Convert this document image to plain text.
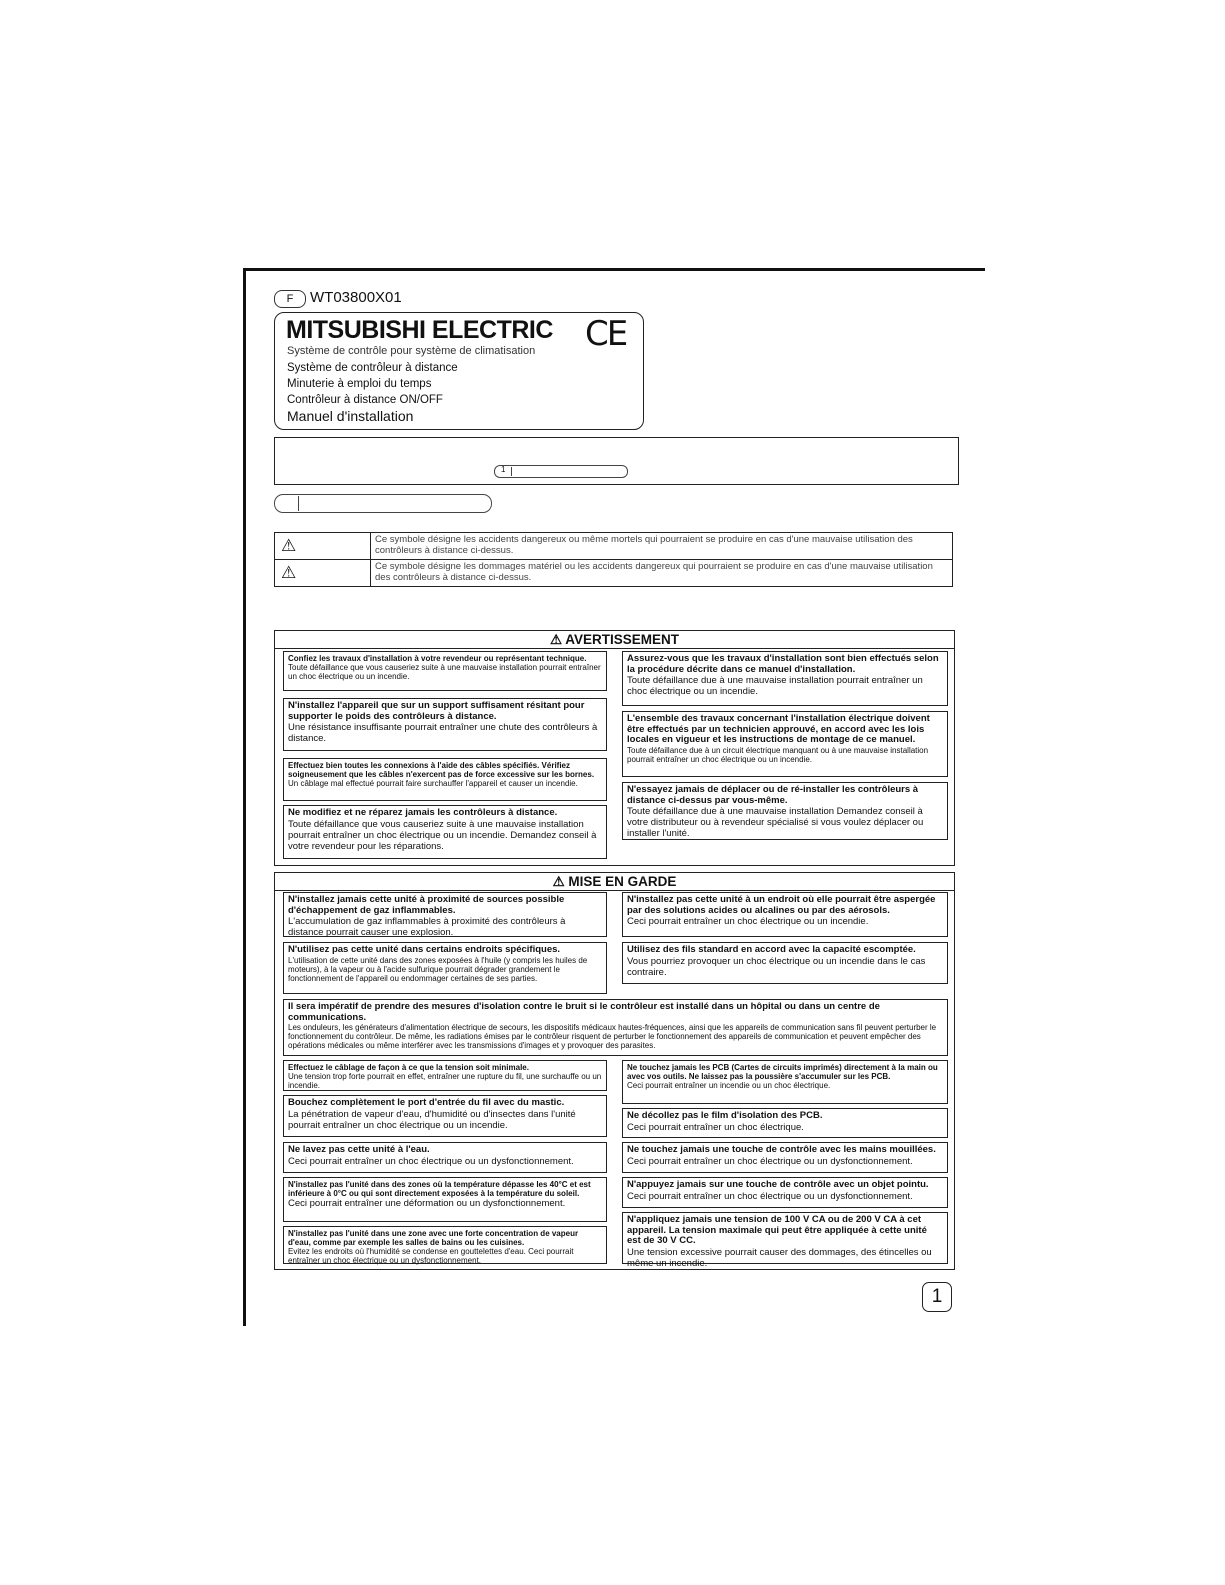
F	WT03800X01
MITSUBISHI ELECTRIC CE
Système de contrôle pour système de climatisation
Système de contrôleur à distance
Minuterie à emploi du temps
Contrôleur à distance ON/OFF
Manuel d'installation
1
⚠	Ce symbole désigne les accidents dangereux ou même mortels qui pourraient se produire en cas d'une mauvaise utilisation des contrôleurs à distance ci-dessus.
⚠	Ce symbole désigne les dommages matériel ou les accidents dangereux qui pourraient se produire en cas d'une mauvaise utilisation des contrôleurs à distance ci-dessus.
⚠ AVERTISSEMENT
Confiez les travaux d'installation à votre revendeur ou représentant technique.
Toute défaillance que vous causeriez suite à une mauvaise installation pourrait entraîner un choc électrique ou un incendie.
N'installez l'appareil que sur un support suffisament résitant pour supporter le poids des contrôleurs à distance.
Une résistance insuffisante pourrait entraîner une chute des contrôleurs à distance.
Effectuez bien toutes les connexions à l'aide des câbles spécifiés. Vérifiez soigneusement que les câbles n'exercent pas de force excessive sur les bornes.
Un câblage mal effectué pourrait faire surchauffer l'appareil et causer un incendie.
Ne modifiez et ne réparez jamais les contrôleurs à distance.
Toute défaillance que vous causeriez suite à une mauvaise installation pourrait entraîner un choc électrique ou un incendie. Demandez conseil à votre revendeur pour les réparations.
Assurez-vous que les travaux d'installation sont bien effectués selon la procédure décrite dans ce manuel d'installation.
Toute défaillance due à une mauvaise installation pourrait entraîner un choc électrique ou un incendie.
L'ensemble des travaux concernant l'installation électrique doivent être effectués par un technicien approuvé, en accord avec les lois locales en vigueur et les instructions de montage de ce manuel.
Toute défaillance due à un circuit électrique manquant ou à une mauvaise installation pourrait entraîner un choc électrique ou un incendie.
N'essayez jamais de déplacer ou de ré-installer les contrôleurs à distance ci-dessus par vous-même.
Toute défaillance due à une mauvaise installation Demandez conseil à votre distributeur ou à revendeur spécialisé si vous voulez déplacer ou installer l'unité.
⚠ MISE EN GARDE
N'installez jamais cette unité à proximité de sources possible d'échappement de gaz inflammables.
L'accumulation de gaz inflammables à proximité des contrôleurs à distance pourrait causer une explosion.
N'utilisez pas cette unité dans certains endroits spécifiques.
L'utilisation de cette unité dans des zones exposées à l'huile (y compris les huiles de moteurs), à la vapeur ou à l'acide sulfurique pourrait dégrader grandement le fonctionnement de l'appareil ou endommager certaines de ses parties.
N'installez pas cette unité à un endroit où elle pourrait être aspergée par des solutions acides ou alcalines ou par des aérosols.
Ceci pourrait entraîner un choc électrique ou un incendie.
Utilisez des fils standard en accord avec la capacité escomptée.
Vous pourriez provoquer un choc électrique ou un incendie dans le cas contraire.
Il sera impératif de prendre des mesures d'isolation contre le bruit si le contrôleur est installé dans un hôpital ou dans un centre de communications.
Les onduleurs, les générateurs d'alimentation électrique de secours, les dispositifs médicaux hautes-fréquences, ainsi que les appareils de communication sans fil peuvent perturber le fonctionnement du contrôleur. De même, les radiations émises par le contrôleur risquent de perturber le fonctionnement des appareils de communication et peuvent empêcher des opérations médicales ou même interférer avec les transmissions d'images et y provoquer des parasites.
Effectuez le câblage de façon à ce que la tension soit minimale.
Une tension trop forte pourrait en effet, entraîner une rupture du fil, une surchauffe ou un incendie.
Bouchez complètement le port d'entrée du fil avec du mastic.
La pénétration de vapeur d'eau, d'humidité ou d'insectes dans l'unité pourrait entraîner un choc électrique ou un incendie.
Ne lavez pas cette unité à l'eau.
Ceci pourrait entraîner un choc électrique ou un dysfonctionnement.
N'installez pas l'unité dans des zones où la température dépasse les 40°C et est inférieure à 0°C ou qui sont directement exposées à la température du soleil.
Ceci pourrait entraîner une déformation ou un dysfonctionnement.
N'installez pas l'unité dans une zone avec une forte concentration de vapeur d'eau, comme par exemple les salles de bains ou les cuisines.
Evitez les endroits où l'humidité se condense en gouttelettes d'eau. Ceci pourrait entraîner un choc électrique ou un dysfonctionnement.
Ne touchez jamais les PCB (Cartes de circuits imprimés) directement à la main ou avec vos outils. Ne laissez pas la poussière s'accumuler sur les PCB.
Ceci pourrait entraîner un incendie ou un choc électrique.
Ne décollez pas le film d'isolation des PCB.
Ceci pourrait entraîner un choc électrique.
Ne touchez jamais une touche de contrôle avec les mains mouillées.
Ceci pourrait entraîner un choc électrique ou un dysfonctionnement.
N'appuyez jamais sur une touche de contrôle avec un objet pointu.
Ceci pourrait entraîner un choc électrique ou un dysfonctionnement.
N'appliquez jamais une tension de 100 V CA ou de 200 V CA à cet appareil. La tension maximale qui peut être appliquée à cette unité est de 30 V CC.
Une tension excessive pourrait causer des dommages, des étincelles ou même un incendie.
1
